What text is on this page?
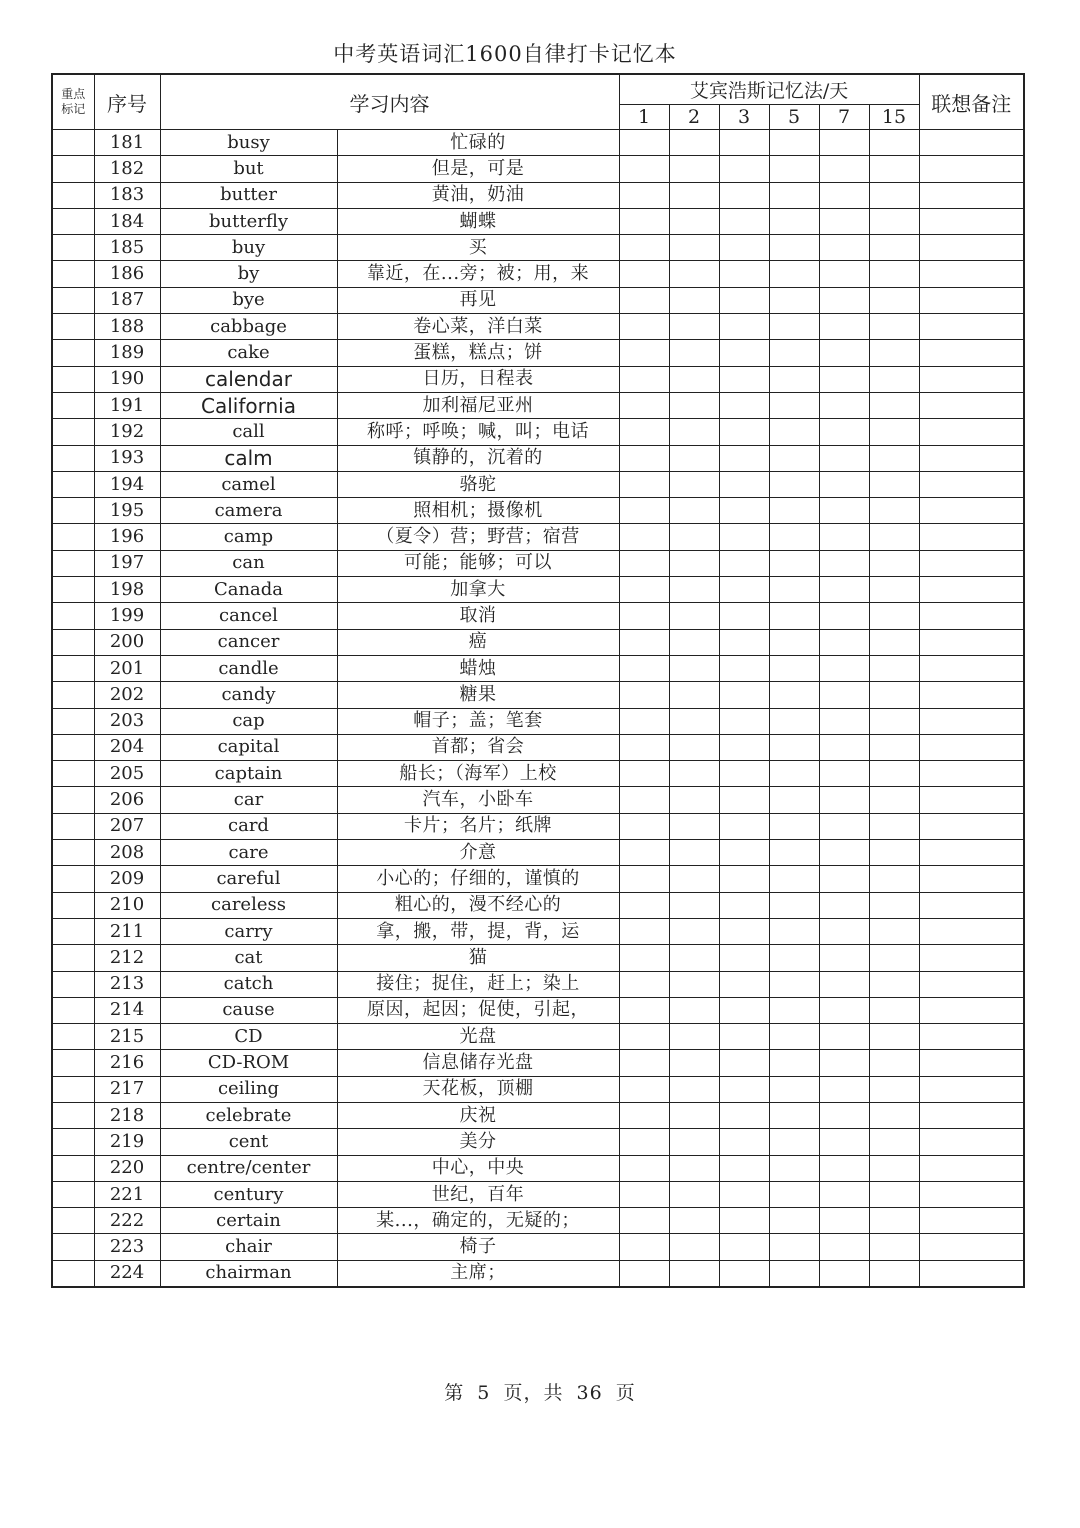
中考英语词汇1600自律打卡记忆本
重点标记	序号	学习内容		艾宾浩斯记忆法/天						联想备注
				1	2	3	5	7	15	
	181	busy	忙碌的							
	182	but	但是，可是							
	183	butter	黄油，奶油							
	184	butterfly	蝴蝶							
	185	buy	买							
	186	by	靠近，在...旁；被；用，来							
	187	bye	再见							
	188	cabbage	卷心菜，洋白菜							
	189	cake	蛋糕，糕点；饼							
	190	calendar	日历，日程表							
	191	California	加利福尼亚州							
	192	call	称呼；呼唤；喊，叫；电话							
	193	calm	镇静的，沉着的							
	194	camel	骆驼							
	195	camera	照相机；摄像机							
	196	camp	（夏令）营；野营；宿营							
	197	can	可能；能够；可以							
	198	Canada	加拿大							
	199	cancel	取消							
	200	cancer	癌							
	201	candle	蜡烛							
	202	candy	糖果							
	203	cap	帽子；盖；笔套							
	204	capital	首都；省会							
	205	captain	船长；（海军）上校							
	206	car	汽车，小卧车							
	207	card	卡片；名片；纸牌							
	208	care	介意							
	209	careful	小心的；仔细的，谨慎的							
	210	careless	粗心的，漫不经心的							
	211	carry	拿，搬，带，提，背，运							
	212	cat	猫							
	213	catch	接住；捉住，赶上；染上							
	214	cause	原因，起因；促使，引起，							
	215	CD	光盘							
	216	CD-ROM	信息储存光盘							
	217	ceiling	天花板，顶棚							
	218	celebrate	庆祝							
	219	cent	美分							
	220	centre/center	中心，中央							
	221	century	世纪，百年							
	222	certain	某...，确定的，无疑的；							
	223	chair	椅子							
	224	chairman	主席；							
第 5 页，共 36 页
